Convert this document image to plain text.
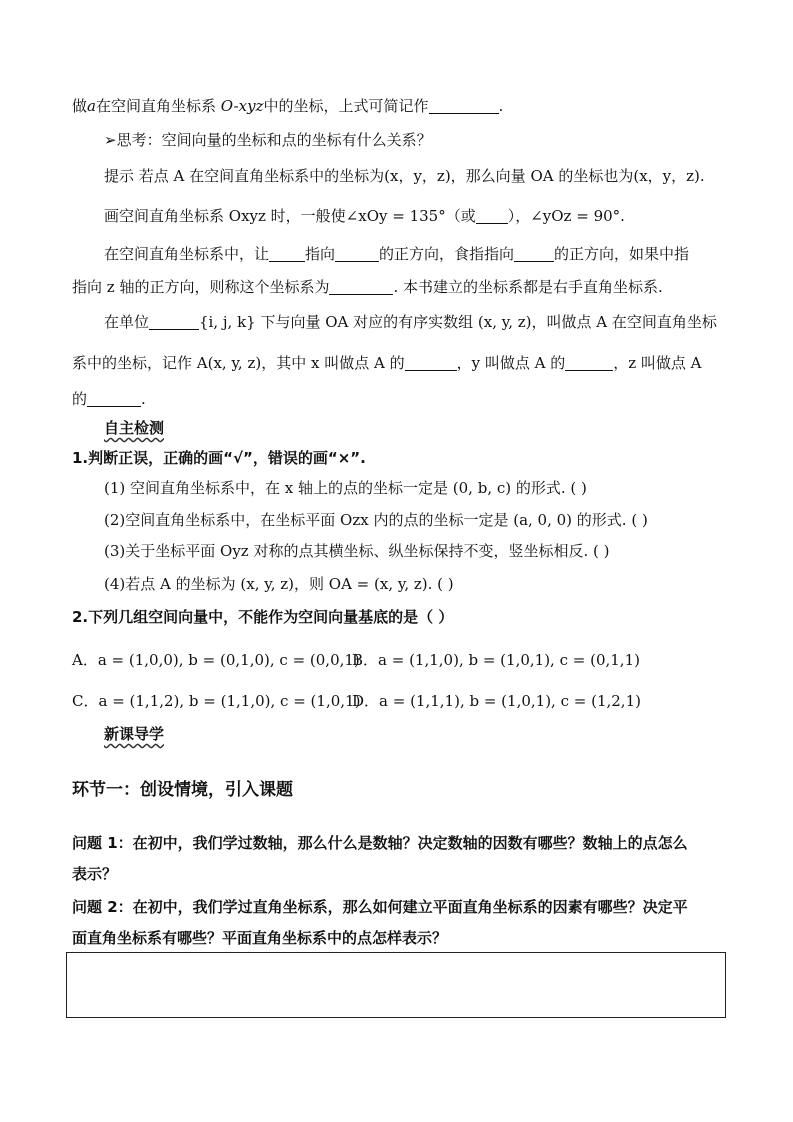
做a在空间直角坐标系 O-xyz中的坐标，上式可简记作	.
➢思考：空间向量的坐标和点的坐标有什么关系？
提示 若点 A 在空间直角坐标系中的坐标为(x，y，z)，那么向量 OA 的坐标也为(x，y，z).
画空间直角坐标系 Oxyz 时，一般使∠xOy = 135°（或 ），∠yOz = 90°.
在空间直角坐标系中，让 指向	的正方向，食指指向	的正方向，如果中指
指向 z 轴的正方向，则称这个坐标系为	. 本书建立的坐标系都是右手直角坐标系.
在单位	{i, j, k} 下与向量 OA 对应的有序实数组 (x, y, z)，叫做点 A 在空间直角坐标
系中的坐标，记作 A(x, y, z)，其中 x 叫做点 A 的	，y 叫做点 A 的	，z 叫做点 A
的	.
自主检测
1.判断正误，正确的画“√”，错误的画“×”.
(1) 空间直角坐标系中，在 x 轴上的点的坐标一定是 (0, b, c) 的形式. ( )
(2)空间直角坐标系中，在坐标平面 Ozx 内的点的坐标一定是 (a, 0, 0) 的形式. ( )
(3)关于坐标平面 Oyz 对称的点其横坐标、纵坐标保持不变，竖坐标相反. ( )
(4)若点 A 的坐标为 (x, y, z)，则 OA = (x, y, z). ( )
2.下列几组空间向量中，不能作为空间向量基底的是（ ）
A．a = (1,0,0), b = (0,1,0), c = (0,0,1)
B．a = (1,1,0), b = (1,0,1), c = (0,1,1)
C．a = (1,1,2), b = (1,1,0), c = (1,0,1)
D．a = (1,1,1), b = (1,0,1), c = (1,2,1)
新课导学
环节一：创设情境，引入课题
问题 1：在初中，我们学过数轴，那么什么是数轴？决定数轴的因数有哪些？数轴上的点怎么
表示？
问题 2：在初中，我们学过直角坐标系，那么如何建立平面直角坐标系的因素有哪些？决定平
面直角坐标系有哪些？平面直角坐标系中的点怎样表示？
